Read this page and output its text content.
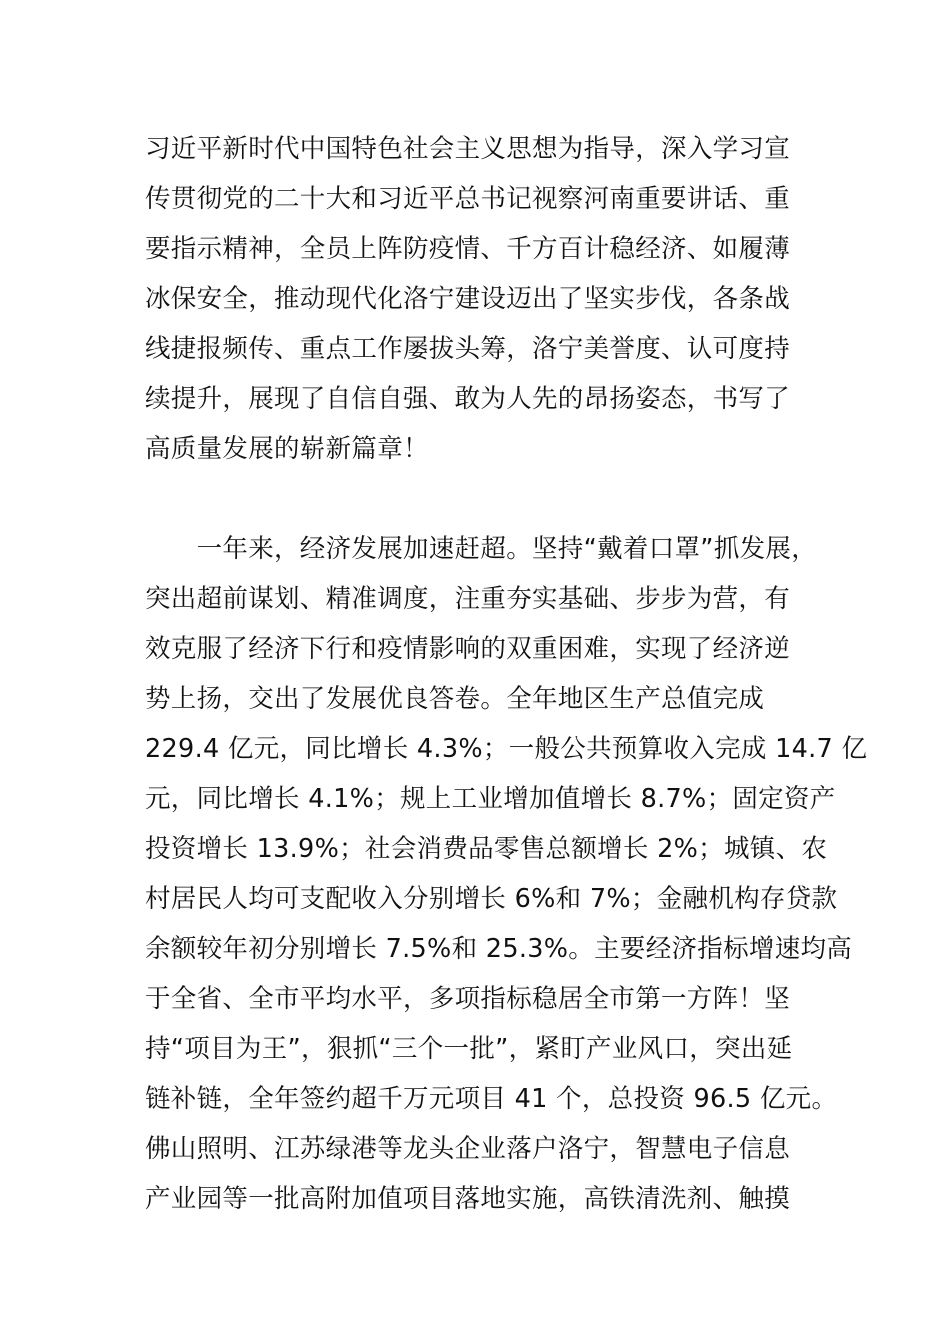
习近平新时代中国特色社会主义思想为指导，深入学习宣
传贯彻党的二十大和习近平总书记视察河南重要讲话、重
要指示精神，全员上阵防疫情、千方百计稳经济、如履薄
冰保安全，推动现代化洛宁建设迈出了坚实步伐，各条战
线捷报频传、重点工作屡拔头筹，洛宁美誉度、认可度持
续提升，展现了自信自强、敢为人先的昂扬姿态，书写了
高质量发展的崭新篇章！

　　一年来，经济发展加速赶超。坚持“戴着口罩”抓发展，
突出超前谋划、精准调度，注重夯实基础、步步为营，有
效克服了经济下行和疫情影响的双重困难，实现了经济逆
势上扬，交出了发展优良答卷。全年地区生产总值完成
229.4 亿元，同比增长 4.3%；一般公共预算收入完成 14.7 亿
元，同比增长 4.1%；规上工业增加值增长 8.7%；固定资产
投资增长 13.9%；社会消费品零售总额增长 2%；城镇、农
村居民人均可支配收入分别增长 6%和 7%；金融机构存贷款
余额较年初分别增长 7.5%和 25.3%。主要经济指标增速均高
于全省、全市平均水平，多项指标稳居全市第一方阵！坚
持“项目为王”，狠抓“三个一批”，紧盯产业风口，突出延
链补链，全年签约超千万元项目 41 个，总投资 96.5 亿元。
佛山照明、江苏绿港等龙头企业落户洛宁，智慧电子信息
产业园等一批高附加值项目落地实施，高铁清洗剂、触摸
